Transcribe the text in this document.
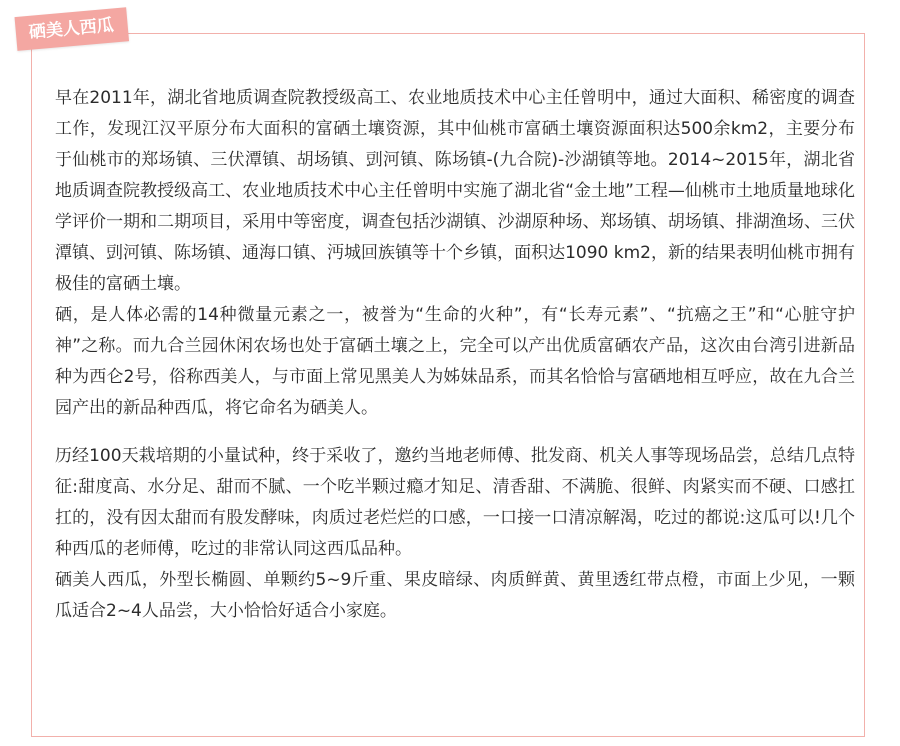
硒美人西瓜

早在2011年，湖北省地质调查院教授级高工、农业地质技术中心主任曾明中，通过大面积、稀密度的调查工作，发现江汉平原分布大面积的富硒土壤资源，其中仙桃市富硒土壤资源面积达500余km2，主要分布于仙桃市的郑场镇、三伏潭镇、胡场镇、剅河镇、陈场镇-(九合院)-沙湖镇等地。2014~2015年，湖北省地质调查院教授级高工、农业地质技术中心主任曾明中实施了湖北省“金土地”工程—仙桃市土地质量地球化学评价一期和二期项目，采用中等密度，调查包括沙湖镇、沙湖原种场、郑场镇、胡场镇、排湖渔场、三伏潭镇、剅河镇、陈场镇、通海口镇、沔城回族镇等十个乡镇，面积达1090 km2，新的结果表明仙桃市拥有极佳的富硒土壤。

硒，是人体必需的14种微量元素之一，被誉为“生命的火种”，有“长寿元素”、“抗癌之王”和“心脏守护神”之称。而九合兰园休闲农场也处于富硒土壤之上，完全可以产出优质富硒农产品，这次由台湾引进新品种为西仑2号，俗称西美人，与市面上常见黑美人为姊妹品系，而其名恰恰与富硒地相互呼应，故在九合兰园产出的新品种西瓜，将它命名为硒美人。

历经100天栽培期的小量试种，终于采收了，邀约当地老师傅、批发商、机关人事等现场品尝，总结几点特征:甜度高、水分足、甜而不腻、一个吃半颗过瘾才知足、清香甜、不满脆、很鲜、肉紧实而不硬、口感扛扛的，没有因太甜而有股发酵味，肉质过老烂烂的口感，一口接一口清凉解渴，吃过的都说:这瓜可以!几个种西瓜的老师傅，吃过的非常认同这西瓜品种。

硒美人西瓜，外型长椭圆、单颗约5~9斤重、果皮暗绿、肉质鲜黄、黄里透红带点橙，市面上少见，一颗瓜适合2~4人品尝，大小恰恰好适合小家庭。
